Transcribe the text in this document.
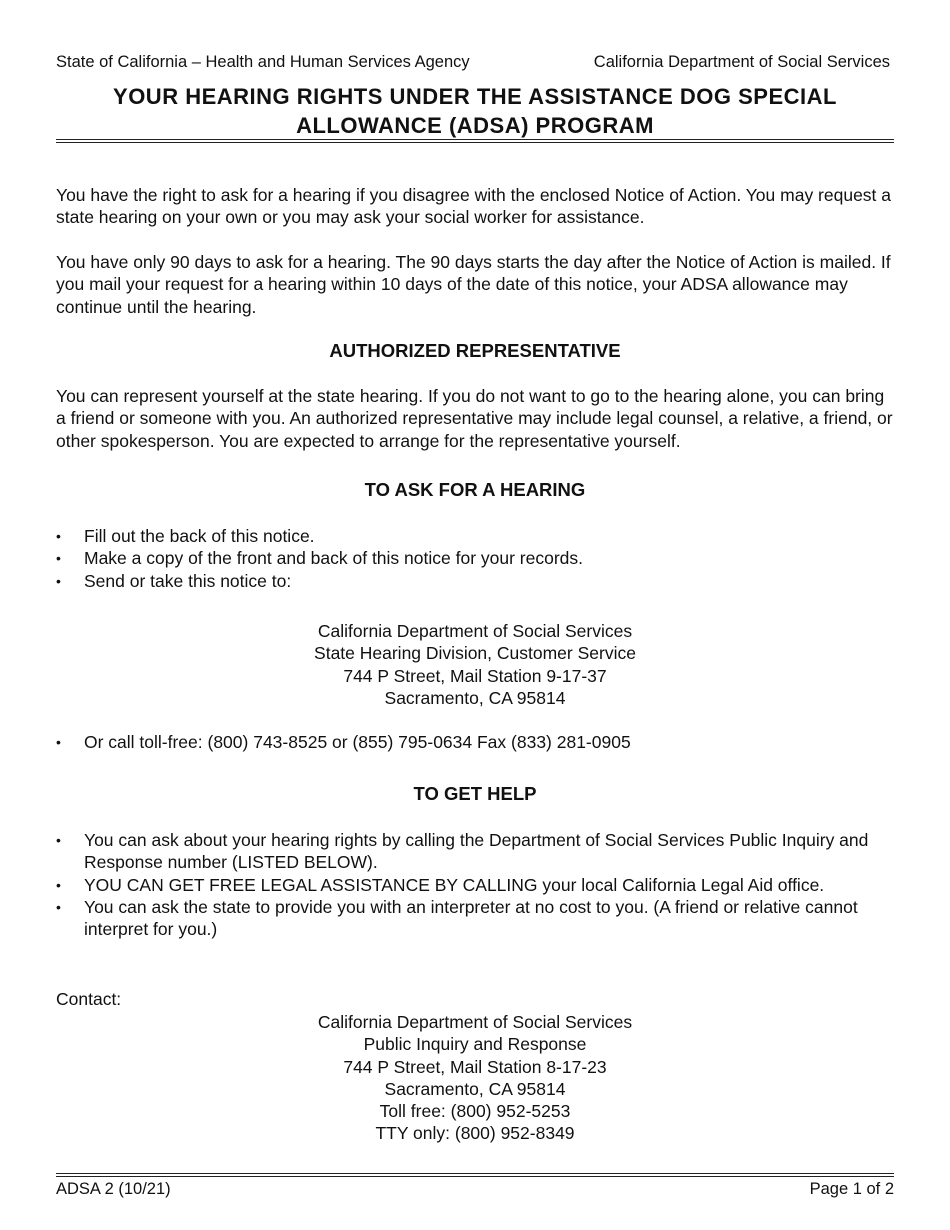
State of California – Health and Human Services Agency	California Department of Social Services
YOUR HEARING RIGHTS UNDER THE ASSISTANCE DOG SPECIAL
ALLOWANCE (ADSA) PROGRAM

You have the right to ask for a hearing if you disagree with the enclosed Notice of Action. You may request a state hearing on your own or you may ask your social worker for assistance.

You have only 90 days to ask for a hearing. The 90 days starts the day after the Notice of Action is mailed. If you mail your request for a hearing within 10 days of the date of this notice, your ADSA allowance may continue until the hearing.

AUTHORIZED REPRESENTATIVE

You can represent yourself at the state hearing. If you do not want to go to the hearing alone, you can bring a friend or someone with you. An authorized representative may include legal counsel, a relative, a friend, or other spokesperson. You are expected to arrange for the representative yourself.

TO ASK FOR A HEARING
• Fill out the back of this notice.
• Make a copy of the front and back of this notice for your records.
• Send or take this notice to:
California Department of Social Services
State Hearing Division, Customer Service
744 P Street, Mail Station 9-17-37
Sacramento, CA 95814
• Or call toll-free: (800) 743-8525 or (855) 795-0634 Fax (833) 281-0905
TO GET HELP
• You can ask about your hearing rights by calling the Department of Social Services Public Inquiry and Response number (LISTED BELOW).
• YOU CAN GET FREE LEGAL ASSISTANCE BY CALLING your local California Legal Aid office.
• You can ask the state to provide you with an interpreter at no cost to you. (A friend or relative cannot interpret for you.)
Contact:
California Department of Social Services
Public Inquiry and Response
744 P Street, Mail Station 8-17-23
Sacramento, CA 95814
Toll free: (800) 952-5253
TTY only: (800) 952-8349
ADSA 2 (10/21)	Page 1 of 2
